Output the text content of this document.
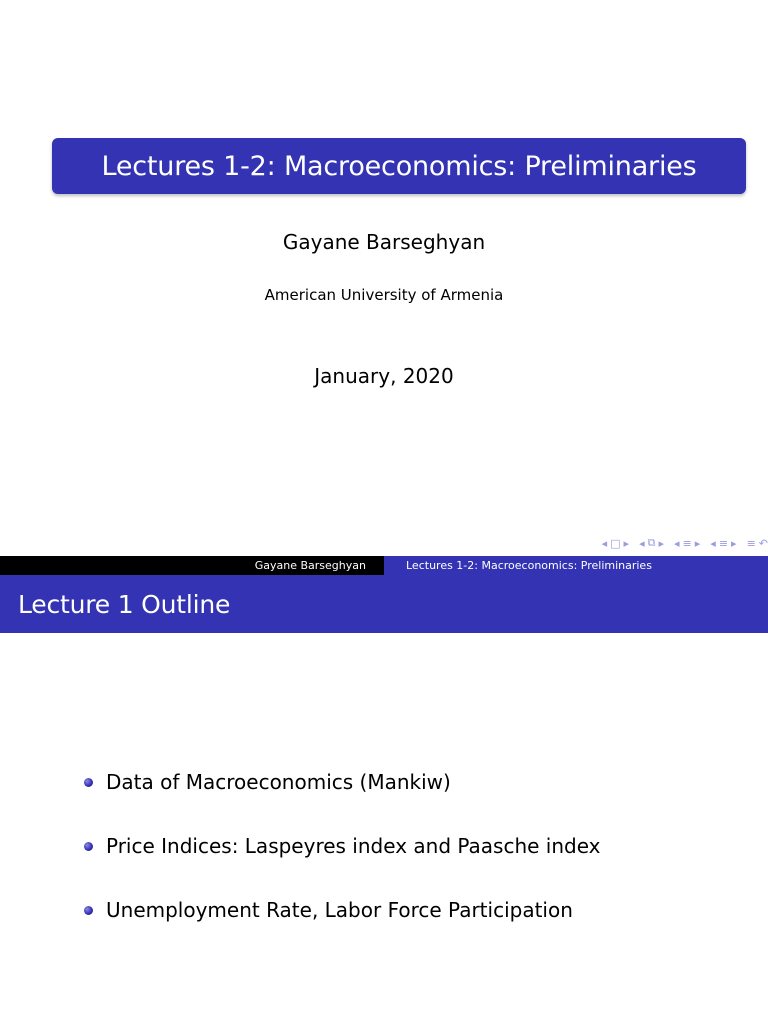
Lectures 1-2: Macroeconomics: Preliminaries
Gayane Barseghyan
American University of Armenia
January, 2020
◂ □ ▸ ◂ ⧉ ▸ ◂ ≡ ▸ ◂ ≡ ▸ ≡ ↶
Gayane Barseghyan	Lectures 1-2: Macroeconomics: Preliminaries
Lecture 1 Outline
Data of Macroeconomics (Mankiw)
Price Indices: Laspeyres index and Paasche index
Unemployment Rate, Labor Force Participation
